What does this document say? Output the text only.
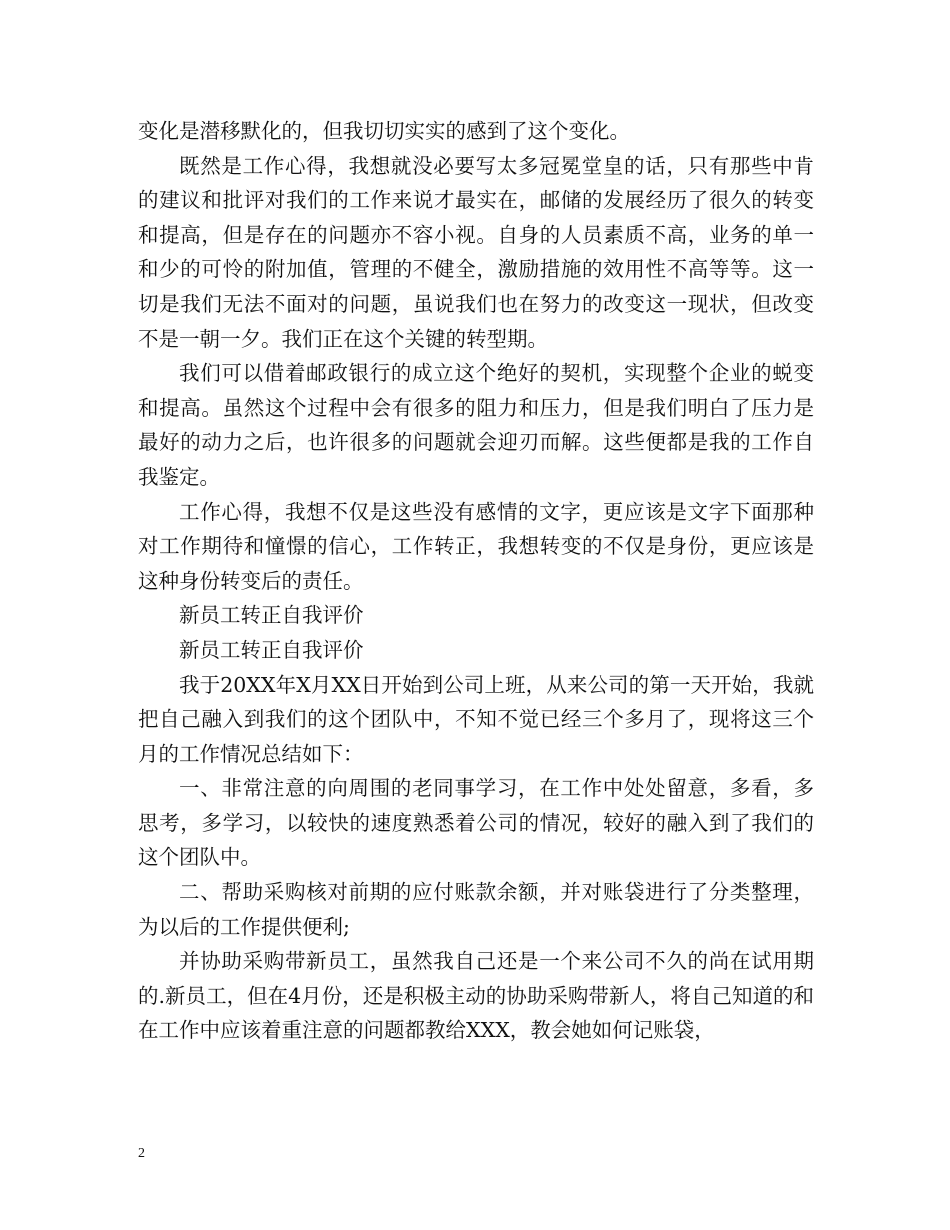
变化是潜移默化的，但我切切实实的感到了这个变化。

既然是工作心得，我想就没必要写太多冠冕堂皇的话，只有那些中肯的建议和批评对我们的工作来说才最实在，邮储的发展经历了很久的转变和提高，但是存在的问题亦不容小视。自身的人员素质不高，业务的单一和少的可怜的附加值，管理的不健全，激励措施的效用性不高等等。这一切是我们无法不面对的问题，虽说我们也在努力的改变这一现状，但改变不是一朝一夕。我们正在这个关键的转型期。

我们可以借着邮政银行的成立这个绝好的契机，实现整个企业的蜕变和提高。虽然这个过程中会有很多的阻力和压力，但是我们明白了压力是最好的动力之后，也许很多的问题就会迎刃而解。这些便都是我的工作自我鉴定。

工作心得，我想不仅是这些没有感情的文字，更应该是文字下面那种对工作期待和憧憬的信心，工作转正，我想转变的不仅是身份，更应该是这种身份转变后的责任。

新员工转正自我评价

新员工转正自我评价

我于20XX年X月XX日开始到公司上班，从来公司的第一天开始，我就把自己融入到我们的这个团队中，不知不觉已经三个多月了，现将这三个月的工作情况总结如下：

一、非常注意的向周围的老同事学习，在工作中处处留意，多看，多思考，多学习，以较快的速度熟悉着公司的情况，较好的融入到了我们的这个团队中。

二、帮助采购核对前期的应付账款余额，并对账袋进行了分类整理，为以后的工作提供便利;

并协助采购带新员工，虽然我自己还是一个来公司不久的尚在试用期的.新员工，但在4月份，还是积极主动的协助采购带新人，将自己知道的和在工作中应该着重注意的问题都教给XXX，教会她如何记账袋，

2
